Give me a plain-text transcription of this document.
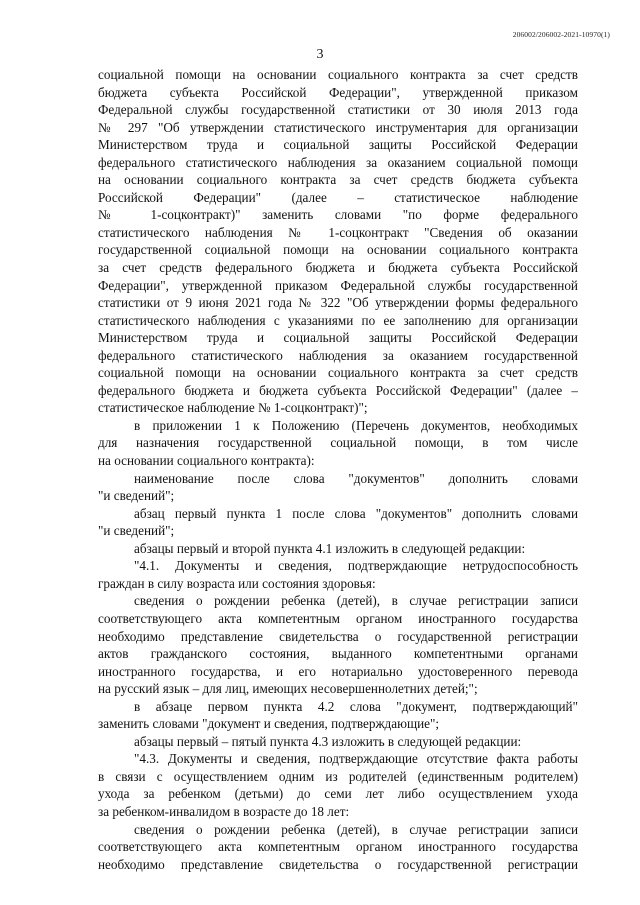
206002/206002-2021-10970(1)
3
социальной помощи на основании социального контракта за счет средств
бюджета субъекта Российской Федерации", утвержденной приказом
Федеральной службы государственной статистики от 30 июля 2013 года
№ 297 "Об утверждении статистического инструментария для организации
Министерством труда и социальной защиты Российской Федерации
федерального статистического наблюдения за оказанием социальной помощи
на основании социального контракта за счет средств бюджета субъекта
Российской Федерации" (далее – статистическое наблюдение
№ 1-соцконтракт)" заменить словами "по форме федерального
статистического наблюдения № 1-соцконтракт "Сведения об оказании
государственной социальной помощи на основании социального контракта
за счет средств федерального бюджета и бюджета субъекта Российской
Федерации", утвержденной приказом Федеральной службы государственной
статистики от 9 июня 2021 года № 322 "Об утверждении формы федерального
статистического наблюдения с указаниями по ее заполнению для организации
Министерством труда и социальной защиты Российской Федерации
федерального статистического наблюдения за оказанием государственной
социальной помощи на основании социального контракта за счет средств
федерального бюджета и бюджета субъекта Российской Федерации" (далее –
статистическое наблюдение № 1-соцконтракт)";
в приложении 1 к Положению (Перечень документов, необходимых
для назначения государственной социальной помощи, в том числе
на основании социального контракта):
наименование после слова "документов" дополнить словами
"и сведений";
абзац первый пункта 1 после слова "документов" дополнить словами
"и сведений";
абзацы первый и второй пункта 4.1 изложить в следующей редакции:
"4.1. Документы и сведения, подтверждающие нетрудоспособность
граждан в силу возраста или состояния здоровья:
сведения о рождении ребенка (детей), в случае регистрации записи
соответствующего акта компетентным органом иностранного государства
необходимо представление свидетельства о государственной регистрации
актов гражданского состояния, выданного компетентными органами
иностранного государства, и его нотариально удостоверенного перевода
на русский язык – для лиц, имеющих несовершеннолетних детей;";
в абзаце первом пункта 4.2 слова "документ, подтверждающий"
заменить словами "документ и сведения, подтверждающие";
абзацы первый – пятый пункта 4.3 изложить в следующей редакции:
"4.3. Документы и сведения, подтверждающие отсутствие факта работы
в связи с осуществлением одним из родителей (единственным родителем)
ухода за ребенком (детьми) до семи лет либо осуществлением ухода
за ребенком-инвалидом в возрасте до 18 лет:
сведения о рождении ребенка (детей), в случае регистрации записи
соответствующего акта компетентным органом иностранного государства
необходимо представление свидетельства о государственной регистрации
